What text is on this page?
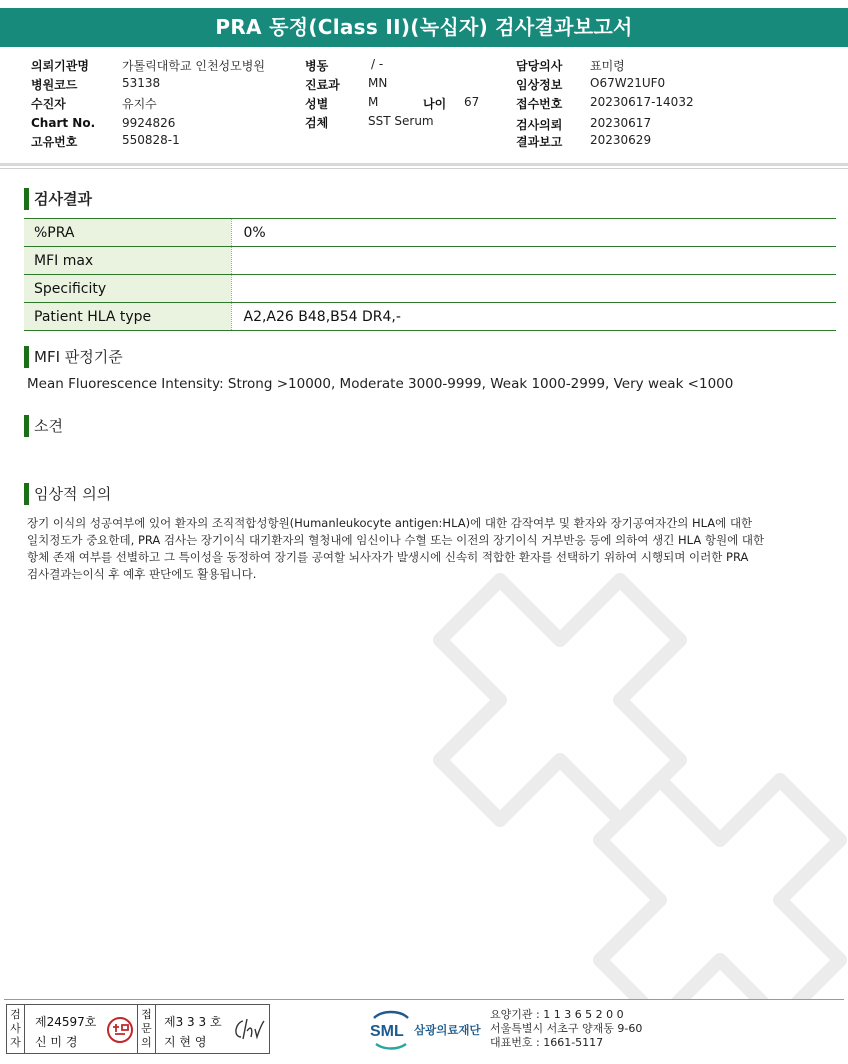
PRA 동정(Class II)(녹십자) 검사결과보고서
의뢰기관명	가톨릭대학교 인천성모병원
병원코드	53138
수진자	유지수
Chart No. 9924826
고유번호	550828-1
병동	/ -
진료과 MN
성별	M	나이 67
검체	SST Serum
담당의사 표미령
임상정보 O67W21UF0
접수번호 20230617-14032
검사의뢰 20230617
결과보고 20230629
검사결과
%PRA	0%
MFI max	
Specificity	
Patient HLA type	A2,A26 B48,B54 DR4,-
MFI 판정기준
Mean Fluorescence Intensity: Strong >10000, Moderate 3000-9999, Weak 1000-2999, Very weak <1000
소견
임상적 의의
장기 이식의 성공여부에 있어 환자의 조직적합성항원(Humanleukocyte antigen:HLA)에 대한 감작여부 및 환자와 장기공여자간의 HLA에 대한
일치정도가 중요한데, PRA 검사는 장기이식 대기환자의 혈청내에 임신이나 수혈 또는 이전의 장기이식 거부반응 등에 의하여 생긴 HLA 항원에 대한
항체 존재 여부를 선별하고 그 특이성을 동정하여 장기를 공여할 뇌사자가 발생시에 신속히 적합한 환자를 선택하기 위하여 시행되며 이러한 PRA
검사결과는이식 후 예후 판단에도 활용됩니다.
검사자
제24597호
신 미 경
접문의
제3 3 3 호
지 현 영
SML 삼광의료재단
요양기관 : 1 1 3 6 5 2 0 0
서울특별시 서초구 양재동 9-60
대표번호 : 1661-5117
